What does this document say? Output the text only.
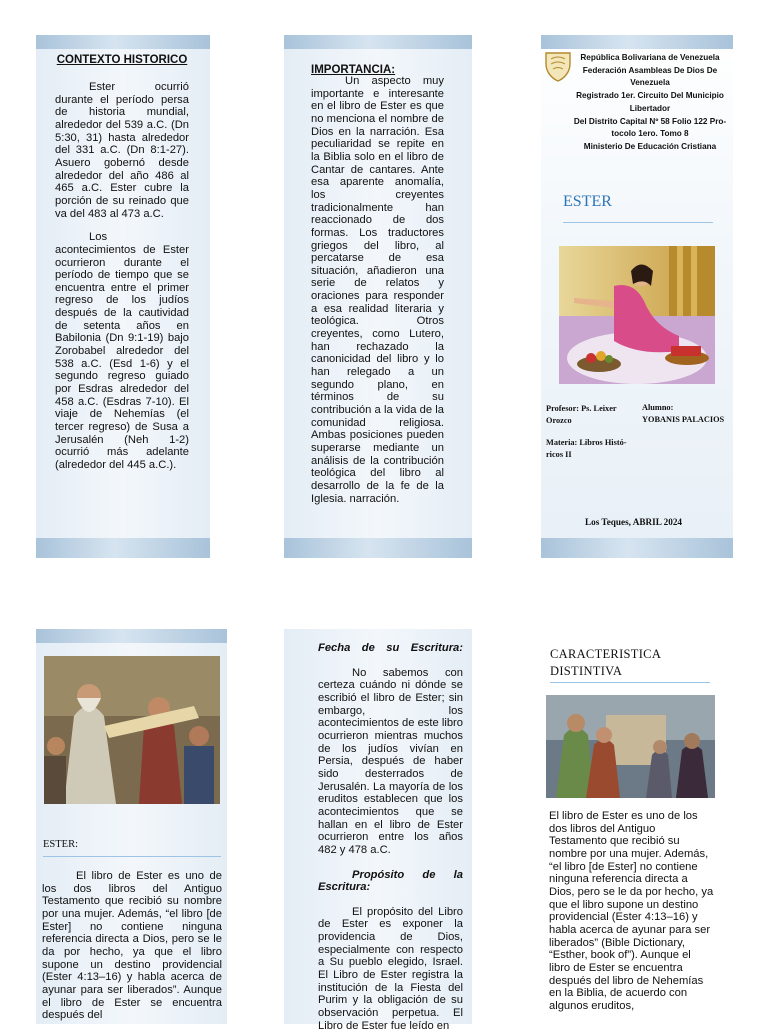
CONTEXTO HISTORICO

Ester ocurrió durante el período persa de historia mundial, alrededor del 539 a.C. (Dn 5:30, 31) hasta alrededor del 331 a.C. (Dn 8:1-27). Asuero gobernó desde alrededor del año 486 al 465 a.C. Ester cubre la porción de su reinado que va del 483 al 473 a.C.

Los acontecimientos de Ester ocurrieron durante el período de tiempo que se encuentra entre el primer regreso de los judíos después de la cautividad de setenta años en Babilonia (Dn 9:1-19) bajo Zorobabel alrededor del 538 a.C. (Esd 1-6) y el segundo regreso guiado por Esdras alrededor del 458 a.C. (Esdras 7-10). El viaje de Nehemías (el tercer regreso) de Susa a Jerusalén (Neh 1-2) ocurrió más adelante (alrededor del 445 a.C.).

IMPORTANCIA:

Un aspecto muy importante e interesante en el libro de Ester es que no menciona el nombre de Dios en la narración. Esa peculiaridad se repite en la Biblia solo en el libro de Cantar de cantares. Ante esa aparente anomalía, los creyentes tradicionalmente han reaccionado de dos formas. Los traductores griegos del libro, al percatarse de esa situación, añadieron una serie de relatos y oraciones para responder a esa realidad literaria y teológica. Otros creyentes, como Lutero, han rechazado la canonicidad del libro y lo han relegado a un segundo plano, en términos de su contribución a la vida de la comunidad religiosa. Ambas posiciones pueden superarse mediante un análisis de la contribución teológica del libro al desarrollo de la fe de la Iglesia. narración.

República Bolivariana de Venezuela
Federación Asambleas De Dios De Venezuela
Registrado 1er. Circuito Del Municipio Libertador
Del Distrito Capital Nº 58 Folio 122 Pro-tocolo 1ero. Tomo 8
Ministerio De Educación Cristiana
ESTER
Profesor: Ps. Leixer
Orozco
Alumno:
YOBANIS PALACIOS
Materia: Libros Histó-
ricos II
Los Teques, ABRIL 2024
ESTER:

El libro de Ester es uno de los dos libros del Antiguo Testamento que recibió su nombre por una mujer. Además, “el libro [de Ester] no contiene ninguna referencia directa a Dios, pero se le da por hecho, ya que el libro supone un destino providencial (Ester 4:13–16) y habla acerca de ayunar para ser liberados”. Aunque el libro de Ester se encuentra después del

Fecha de su Escritura:

No sabemos con certeza cuándo ni dónde se escribió el libro de Ester; sin embargo, los acontecimientos de este libro ocurrieron mientras muchos de los judíos vivían en Persia, después de haber sido desterrados de Jerusalén. La mayoría de los eruditos establecen que los acontecimientos que se hallan en el libro de Ester ocurrieron entre los años 482 y 478 a.C.

Propósito de la Escritura:

El propósito del Libro de Ester es exponer la providencia de Dios, especialmente con respecto a Su pueblo elegido, Israel. El Libro de Ester registra la institución de la Fiesta del Purim y la obligación de su observación perpetua. El Libro de Ester fue leído en

CARACTERISTICA
DISTINTIVA

El libro de Ester es uno de los dos libros del Antiguo Testamento que recibió su nombre por una mujer. Además, “el libro [de Ester] no contiene ninguna referencia directa a Dios, pero se le da por hecho, ya que el libro supone un destino providencial (Ester 4:13–16) y habla acerca de ayunar para ser liberados” (Bible Dictionary, “Esther, book of”). Aunque el libro de Ester se encuentra después del libro de Nehemías en la Biblia, de acuerdo con algunos eruditos,
